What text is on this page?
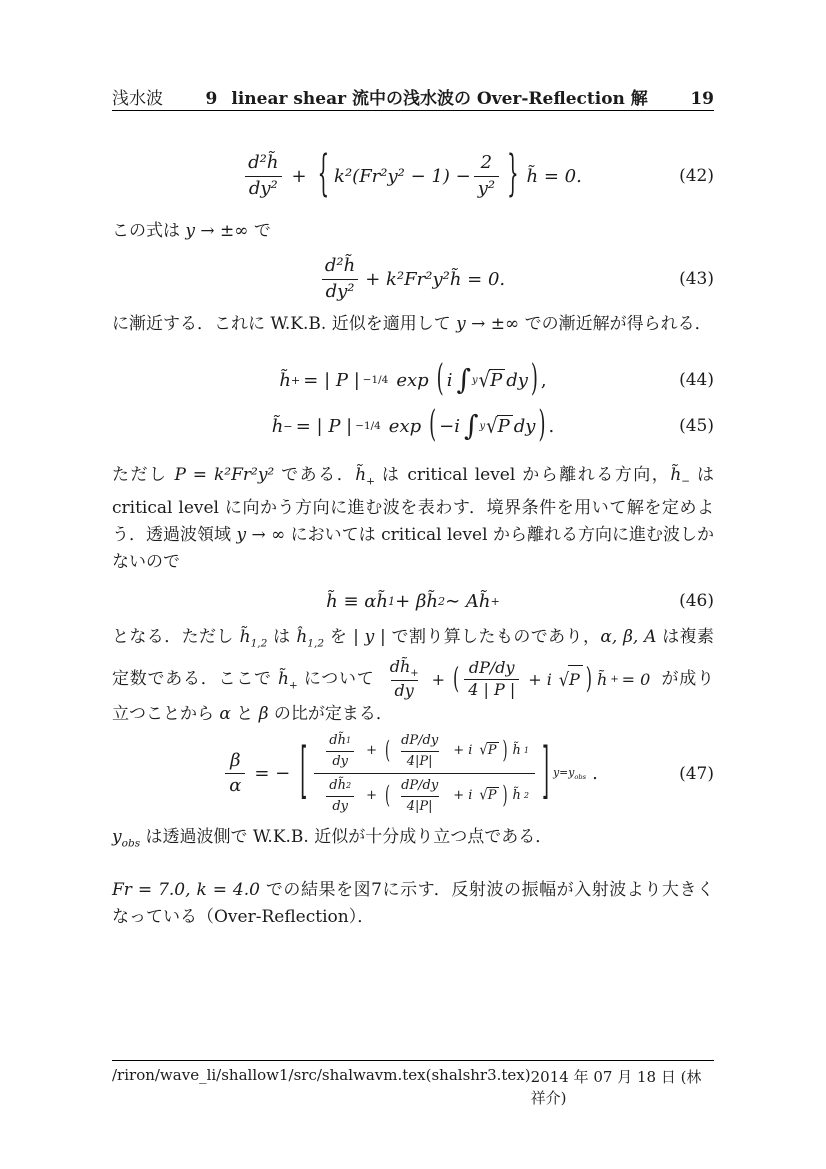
浅水波	9 linear shear 流中の浅水波の Over-Reflection 解	19
$\frac{\text{d²h̃}}{\text{dy²}}$ + { $k^2(Fr^2y^2 - 1) - \frac{2}{\text{y²}}$ } h̃ = 0.	(42)

この式は y → ±∞ で

$\frac{\text{d²h̃}}{\text{dy²}}$ + k²Fr²y²h̃ = 0.	(43)

に漸近する．これに W.K.B. 近似を適用して y → ±∞ での漸近解が得られる．

h̃ + = | P | −1/4 exp ( i ∫ y √ P dy ) ,	(44)
h̃ − = | P | −1/4 exp ( −i ∫ y √ P dy ) .	(45)

ただし P = k²Fr²y² である．$h̃_+$ は critical level から離れる方向，$h̃_-$ は critical level に向かう方向に進む波を表わす．境界条件を用いて解を定めよう．透過波領域 y → ∞ においては critical level から離れる方向に進む波しかないので

h̃ ≡ αh̃ 1 + βh̃ 2 ∼ Ah̃ +	(46)

となる．ただし $h̃_{1,2}$ は $ĥ_{1,2}$ を | y | で割り算したものであり，α, β, A は複素定数である．ここで $h̃_+$ について $\frac{dh̃_+}{dy}$ + ( $\frac{dP/dy}{4 | P |} + i$ √ P ) h̃ + = 0 が成り立つことから α と β の比が定まる．

$\frac{\beta}{\alpha}$ = − [ $\frac{\frac{dh̃ 1}{dy} + ( \frac{dP/dy}{4|P|} + i √ P ) h̃ 1}{\frac{dh̃ 2}{dy} + ( \frac{dP/dy}{4|P|} + i √ P ) h̃ 2}$ ] $y=y_{obs}$ .	(47)

$y_{obs}$ は透過波側で W.K.B. 近似が十分成り立つ点である．

Fr = 7.0, k = 4.0 での結果を図7に示す．反射波の振幅が入射波より大きくなっている（Over-Reflection）．

/riron/wave_li/shallow1/src/shalwavm.tex(shalshr3.tex) 2014 年 07 月 18 日 (林 祥介)
